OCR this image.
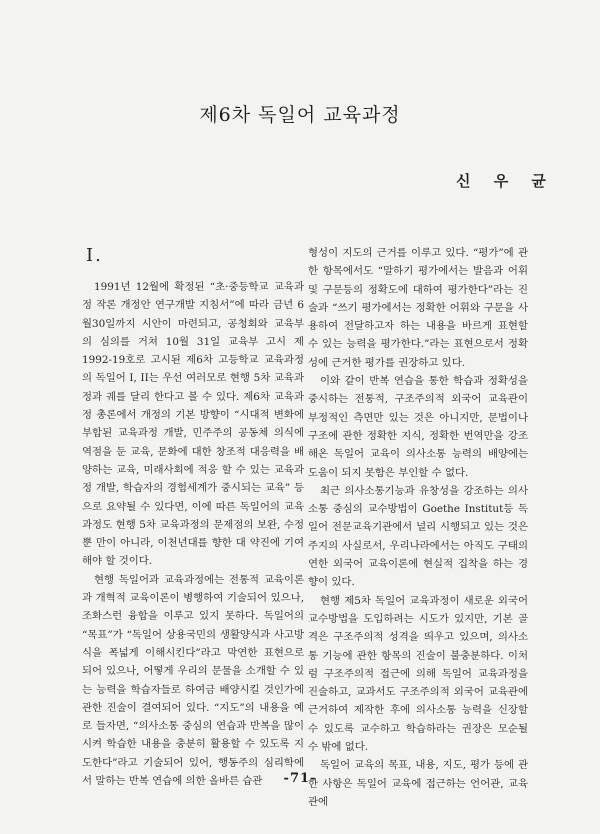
제6차 독일어 교육과정
신 우 균
I.

1991년 12월에 확정된 “초·중등학교 교육과정 작론 개정안 연구개발 지침서”에 따라 금년 6월30일까지 시안이 마련되고, 공청회와 교육부 의 심의를 거쳐 10월 31일 교육부 고시 제 1992-19호로 고시된 제6차 고등학교 교육과정의 독일어 I, II는 우선 여러모로 현행 5차 교육과정과 궤를 달리 한다고 볼 수 있다. 제6차 교육과정 총론에서 개정의 기본 방향이 “시대적 변화에 부합된 교육과정 개발, 민주주의 공동체 의식에 역점을 둔 교육, 문화에 대한 창조적 대응력을 배양하는 교육, 미래사회에 적응 할 수 있는 교육과정 개발, 학습자의 경험세계가 중시되는 교육” 등으로 요약될 수 있다면, 이에 따른 독일어의 교육과정도 현행 5차 교육과정의 문제점의 보완, 수정뿐 만이 아니라, 이천년대를 향한 대 약진에 기여해야 할 것이다.

현행 독일어과 교육과정에는 전통적 교육이론과 개혁적 교육이론이 병행하여 기술되어 있으나, 조화스런 융합을 이루고 있지 못하다. 독일어의 “목표”가 “독일어 상용국민의 생활양식과 사고방식을 폭넓게 이해시킨다”라고 막연한 표현으로 되어 있으나, 어떻게 우리의 문물을 소개할 수 있는 능력을 학습자들로 하여금 배양시킬 것인가에 관한 진술이 결여되어 있다. “지도”의 내용을 예로 들자면, “의사소통 중심의 연습과 반복을 많이 시켜 학습한 내용을 충분히 활용할 수 있도록 지도한다”라고 기술되어 있어, 행동주의 심리학에서 말하는 반복 연습에 의한 올바른 습관

형성이 지도의 근거를 이루고 있다. “평가”에 관한 항목에서도 “말하기 평가에서는 발음과 어휘및 구문등의 정확도에 대하여 평가한다”라는 진술과 “쓰기 평가에서는 정확한 어휘와 구문을 사용하여 전달하고자 하는 내용을 바르게 표현할 수 있는 능력을 평가한다.”라는 표현으로서 정확성에 근거한 평가를 권장하고 있다.

이와 같이 반복 연습을 통한 학습과 정확성을 중시하는 전통적, 구조주의적 외국어 교육관이 부정적인 측면만 있는 것은 아니지만, 문법이나 구조에 관한 정확한 지식, 정확한 번역만을 강조해온 독일어 교육이 의사소통 능력의 배양에는 도움이 되지 못함은 부인할 수 없다.

최근 의사소통기능과 유창성을 강조하는 의사소통 중심의 교수방법이 Goethe Institut등 독일어 전문교육기관에서 널리 시행되고 있는 것은 주지의 사실로서, 우리나라에서는 아직도 구태의연한 외국어 교육이론에 현실적 집착을 하는 경향이 있다.

현행 제5차 독일어 교육과정이 새로운 외국어교수방법을 도입하려는 시도가 있지만, 기본 골격은 구조주의적 성격을 띄우고 있으며, 의사소통 기능에 관한 항목의 진술이 불충분하다. 이처럼 구조주의적 접근에 의해 독일어 교육과정을 진술하고, 교과서도 구조주의적 외국어 교육관에 근거하여 제작한 후에 의사소통 능력을 신장할 수 있도록 교수하고 학습하라는 권장은 모순될 수 밖에 없다.

독일어 교육의 목표, 내용, 지도, 평가 등에 관한 사항은 독일어 교육에 접근하는 언어관, 교육관에

-71-
